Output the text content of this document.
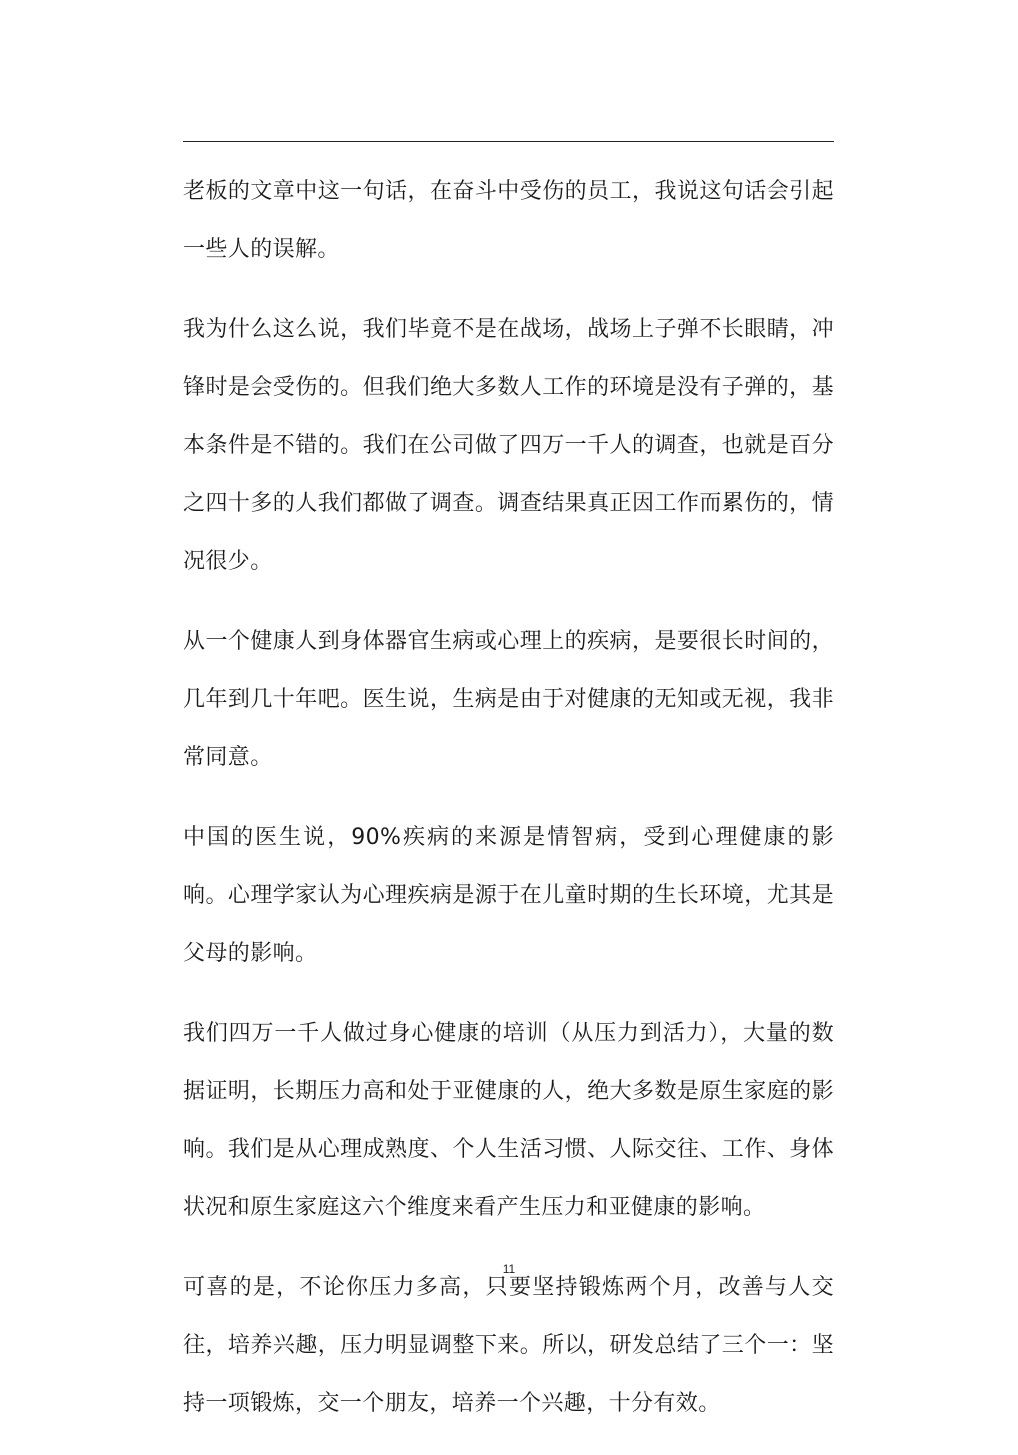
老板的文章中这一句话，在奋斗中受伤的员工，我说这句话会引起一些人的误解。

我为什么这么说，我们毕竟不是在战场，战场上子弹不长眼睛，冲锋时是会受伤的。但我们绝大多数人工作的环境是没有子弹的，基本条件是不错的。我们在公司做了四万一千人的调查，也就是百分之四十多的人我们都做了调查。调查结果真正因工作而累伤的，情况很少。

从一个健康人到身体器官生病或心理上的疾病，是要很长时间的，几年到几十年吧。医生说，生病是由于对健康的无知或无视，我非常同意。

中国的医生说，90%疾病的来源是情智病，受到心理健康的影响。心理学家认为心理疾病是源于在儿童时期的生长环境，尤其是父母的影响。

我们四万一千人做过身心健康的培训（从压力到活力），大量的数据证明，长期压力高和处于亚健康的人，绝大多数是原生家庭的影响。我们是从心理成熟度、个人生活习惯、人际交往、工作、身体状况和原生家庭这六个维度来看产生压力和亚健康的影响。

可喜的是，不论你压力多高，只要坚持锻炼两个月，改善与人交往，培养兴趣，压力明显调整下来。所以，研发总结了三个一：坚持一项锻炼，交一个朋友，培养一个兴趣，十分有效。

11
